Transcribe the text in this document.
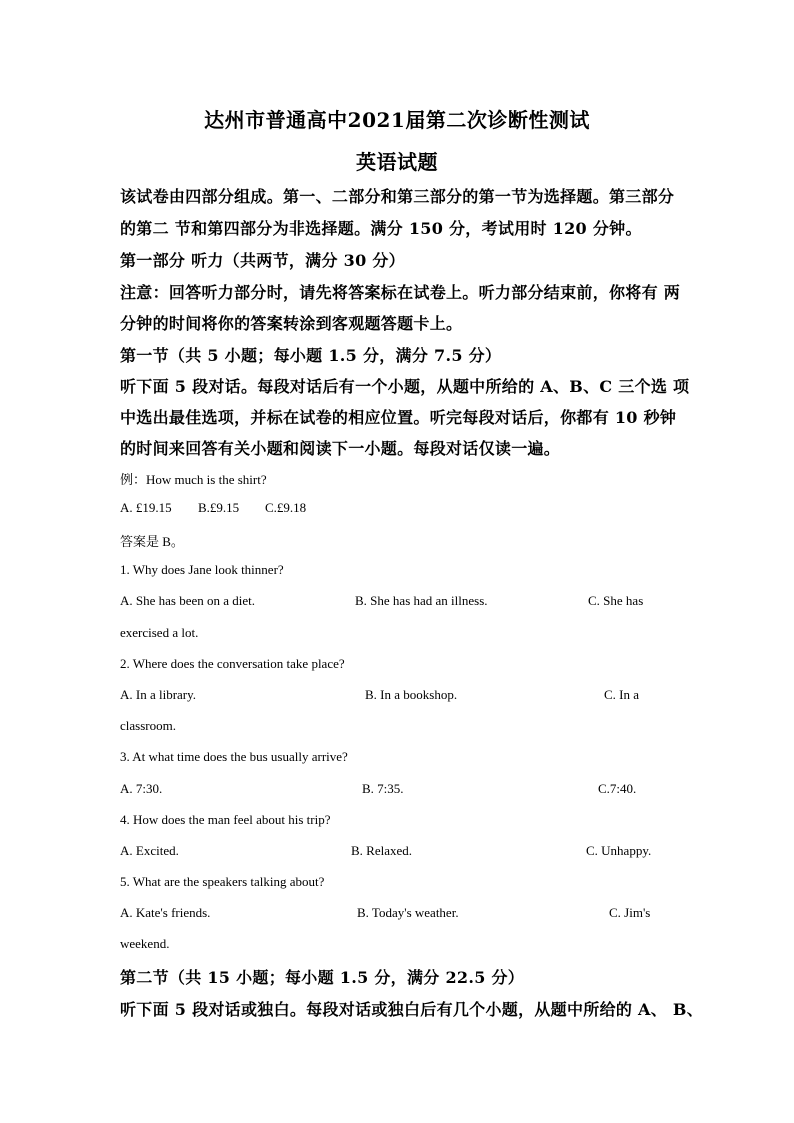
达州市普通高中2021届第二次诊断性测试
英语试题
该试卷由四部分组成。第一、二部分和第三部分的第一节为选择题。第三部分
的第二 节和第四部分为非选择题。满分 150 分，考试用时 120 分钟。
第一部分 听力（共两节，满分 30 分）
注意：回答听力部分时，请先将答案标在试卷上。听力部分结束前，你将有 两
分钟的时间将你的答案转涂到客观题答题卡上。
第一节（共 5 小题；每小题 1.5 分，满分 7.5 分）
听下面 5 段对话。每段对话后有一个小题，从题中所给的 A、B、C 三个选 项
中选出最佳选项，并标在试卷的相应位置。听完每段对话后，你都有 10 秒钟
的时间来回答有关小题和阅读下一小题。每段对话仅读一遍。
例：How much is the shirt?
A. £19.15 B.£9.15 C.£9.18
答案是 B。
1. Why does Jane look thinner?
A. She has been on a diet.	B. She has had an illness.	C. She has
exercised a lot.
2. Where does the conversation take place?
A. In a library.	B. In a bookshop.	C. In a
classroom.
3. At what time does the bus usually arrive?
A. 7:30.	B. 7:35.	C.7:40.
4. How does the man feel about his trip?
A. Excited.	B. Relaxed.	C. Unhappy.
5. What are the speakers talking about?
A. Kate's friends.	B. Today's weather.	C. Jim's
weekend.
第二节（共 15 小题；每小题 1.5 分，满分 22.5 分）
听下面 5 段对话或独白。每段对话或独白后有几个小题，从题中所给的 A、 B、
